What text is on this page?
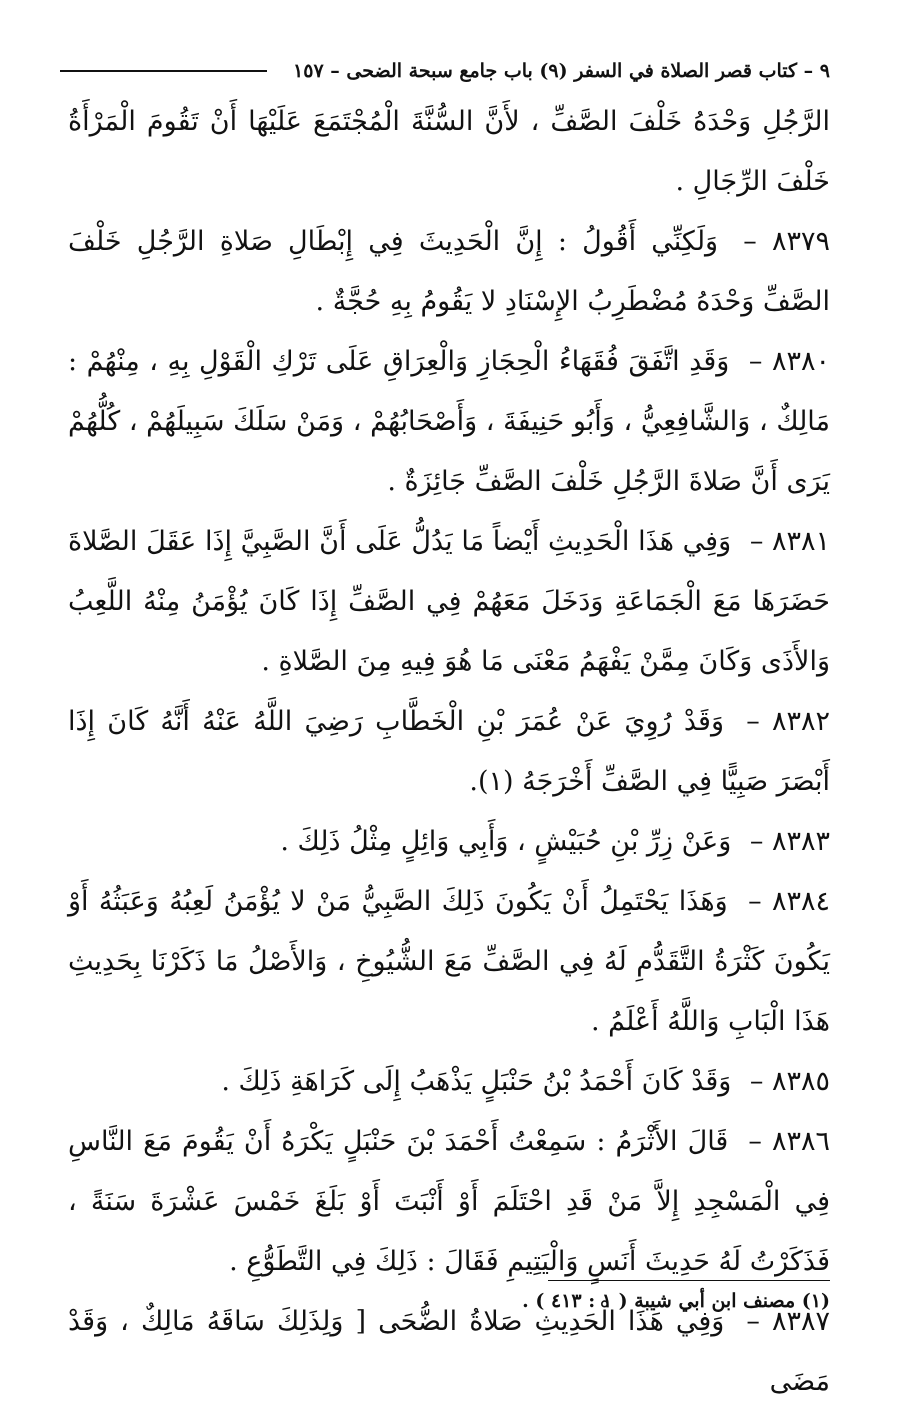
٩ – كتاب قصر الصلاة في السفر (٩) باب جامع سبحة الضحى – ١٥٧

الرَّجُلِ وَحْدَهُ خَلْفَ الصَّفِّ ، لأَنَّ السُّنَّةَ الْمُجْتَمَعَ عَلَيْهَا أَنْ تَقُومَ الْمَرْأَةُ خَلْفَ الرِّجَالِ .

٨٣٧٩ – وَلَكِنِّي أَقُولُ : إِنَّ الْحَدِيثَ فِي إِبْطَالِ صَلاةِ الرَّجُلِ خَلْفَ الصَّفِّ وَحْدَهُ مُضْطَرِبُ الإِسْنَادِ لا يَقُومُ بِهِ حُجَّةٌ .

٨٣٨٠ – وَقَدِ اتَّفَقَ فُقَهَاءُ الْحِجَازِ وَالْعِرَاقِ عَلَى تَرْكِ الْقَوْلِ بِهِ ، مِنْهُمْ : مَالِكٌ ، وَالشَّافِعِيُّ ، وَأَبُو حَنِيفَةَ ، وَأَصْحَابُهُمْ ، وَمَنْ سَلَكَ سَبِيلَهُمْ ، كُلُّهُمْ يَرَى أَنَّ صَلاةَ الرَّجُلِ خَلْفَ الصَّفِّ جَائِزَةٌ .

٨٣٨١ – وَفِي هَذَا الْحَدِيثِ أَيْضاً مَا يَدُلُّ عَلَى أَنَّ الصَّبِيَّ إِذَا عَقَلَ الصَّلاةَ حَضَرَهَا مَعَ الْجَمَاعَةِ وَدَخَلَ مَعَهُمْ فِي الصَّفِّ إِذَا كَانَ يُؤْمَنُ مِنْهُ اللَّعِبُ وَالأَذَى وَكَانَ مِمَّنْ يَفْهَمُ مَعْنَى مَا هُوَ فِيهِ مِنَ الصَّلاةِ .

٨٣٨٢ – وَقَدْ رُوِيَ عَنْ عُمَرَ بْنِ الْخَطَّابِ رَضِيَ اللَّهُ عَنْهُ أَنَّهُ كَانَ إِذَا أَبْصَرَ صَبِيًّا فِي الصَّفِّ أَخْرَجَهُ (١).

٨٣٨٣ – وَعَنْ زِرِّ بْنِ حُبَيْشٍ ، وَأَبِي وَائِلٍ مِثْلُ ذَلِكَ .

٨٣٨٤ – وَهَذَا يَحْتَمِلُ أَنْ يَكُونَ ذَلِكَ الصَّبِيُّ مَنْ لا يُؤْمَنُ لَعِبُهُ وَعَبَثُهُ أَوْ يَكُونَ كَثْرَةُ التَّقَدُّمِ لَهُ فِي الصَّفِّ مَعَ الشُّيُوخِ ، وَالأَصْلُ مَا ذَكَرْنَا بِحَدِيثِ هَذَا الْبَابِ وَاللَّهُ أَعْلَمُ .

٨٣٨٥ – وَقَدْ كَانَ أَحْمَدُ بْنُ حَنْبَلٍ يَذْهَبُ إِلَى كَرَاهَةِ ذَلِكَ .

٨٣٨٦ – قَالَ الأَثْرَمُ : سَمِعْتُ أَحْمَدَ بْنَ حَنْبَلٍ يَكْرَهُ أَنْ يَقُومَ مَعَ النَّاسِ فِي الْمَسْجِدِ إِلاَّ مَنْ قَدِ احْتَلَمَ أَوْ أَنْبَتَ أَوْ بَلَغَ خَمْسَ عَشْرَةَ سَنَةً ، فَذَكَرْتُ لَهُ حَدِيثَ أَنَسٍ وَالْيَتِيمِ فَقَالَ : ذَلِكَ فِي التَّطَوُّعِ .

٨٣٨٧ – وَفِي هَذَا الْحَدِيثِ صَلاةُ الضُّحَى [ وَلِذَلِكَ سَاقَهُ مَالِكٌ ، وَقَدْ مَضَى

(١) مصنف ابن أبي شيبة ( ١ : ٤١٣ ) .
